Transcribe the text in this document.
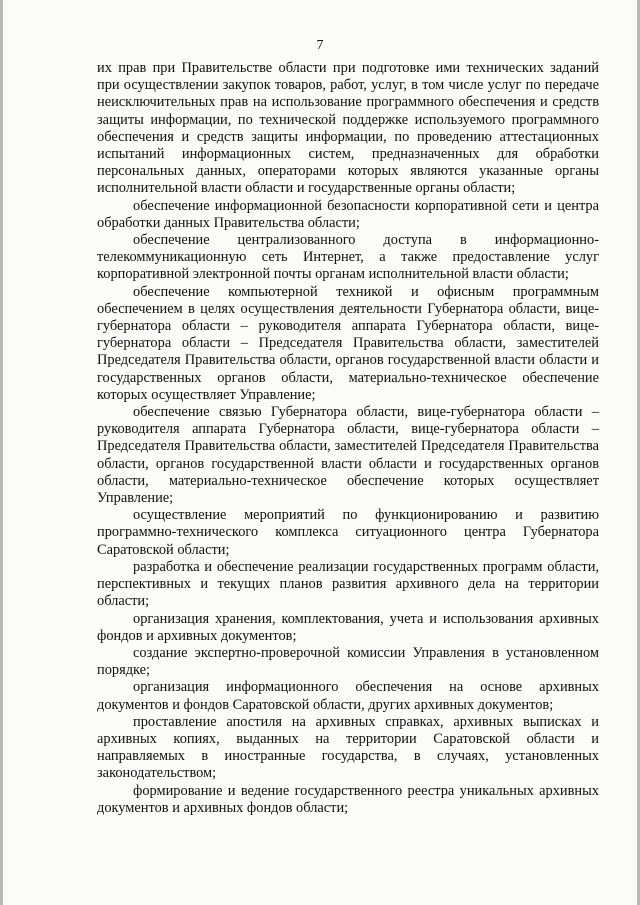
7

их прав при Правительстве области при подготовке ими технических заданий при осуществлении закупок товаров, работ, услуг, в том числе услуг по передаче неисключительных прав на использование программного обеспечения и средств защиты информации, по технической поддержке используемого программного обеспечения и средств защиты информации, по проведению аттестационных испытаний информационных систем, предназначенных для обработки персональных данных, операторами которых являются указанные органы исполнительной власти области и государственные органы области;

обеспечение информационной безопасности корпоративной сети и центра обработки данных Правительства области;

обеспечение централизованного доступа в информационно-телекоммуникационную сеть Интернет, а также предоставление услуг корпоративной электронной почты органам исполнительной власти области;

обеспечение компьютерной техникой и офисным программным обеспечением в целях осуществления деятельности Губернатора области, вице-губернатора области – руководителя аппарата Губернатора области, вице-губернатора области – Председателя Правительства области, заместителей Председателя Правительства области, органов государственной власти области и государственных органов области, материально-техническое обеспечение которых осуществляет Управление;

обеспечение связью Губернатора области, вице-губернатора области – руководителя аппарата Губернатора области, вице-губернатора области – Председателя Правительства области, заместителей Председателя Правительства области, органов государственной власти области и государственных органов области, материально-техническое обеспечение которых осуществляет Управление;

осуществление мероприятий по функционированию и развитию программно-технического комплекса ситуационного центра Губернатора Саратовской области;

разработка и обеспечение реализации государственных программ области, перспективных и текущих планов развития архивного дела на территории области;

организация хранения, комплектования, учета и использования архивных фондов и архивных документов;

создание экспертно-проверочной комиссии Управления в установленном порядке;

организация информационного обеспечения на основе архивных документов и фондов Саратовской области, других архивных документов;

проставление апостиля на архивных справках, архивных выписках и архивных копиях, выданных на территории Саратовской области и направляемых в иностранные государства, в случаях, установленных законодательством;

формирование и ведение государственного реестра уникальных архивных документов и архивных фондов области;
